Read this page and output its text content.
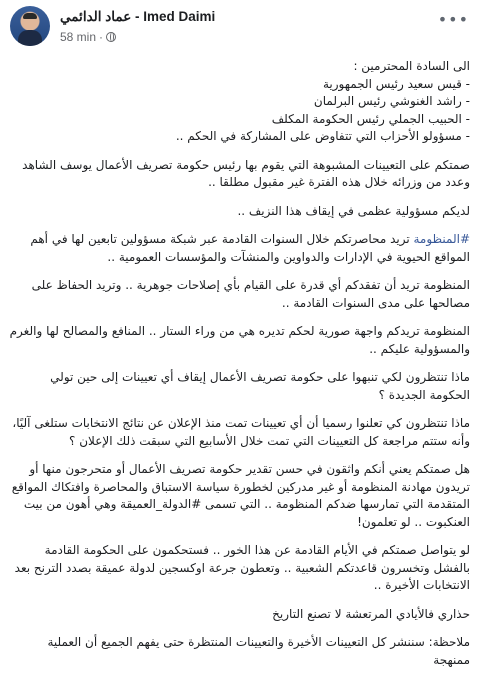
عماد الدائمي - Imed Daimi
58 min ·
•••
الى السادة المحترمين :
- قيس سعيد رئيس الجمهورية
- راشد الغنوشي رئيس البرلمان
- الحبيب الجملي رئيس الحكومة المكلف
- مسؤولو الأحزاب التي تتفاوض على المشاركة في الحكم ..
صمتكم على التعيينات المشبوهة التي يقوم بها رئيس حكومة تصريف الأعمال يوسف الشاهد وعدد من وزرائه خلال هذه الفترة غير مقبول مطلقا ..
لديكم مسؤولية عظمى في إيقاف هذا النزيف ..
#المنظومة تريد محاصرتكم خلال السنوات القادمة عبر شبكة مسؤولين تابعين لها في أهم المواقع الحيوية في الإدارات والدواوين والمنشآت والمؤسسات العمومية ..
المنظومة تريد أن تفقدكم أي قدرة على القيام بأي إصلاحات جوهرية .. وتريد الحفاظ على مصالحها على مدى السنوات القادمة ..
المنظومة تريدكم واجهة صورية لحكم تديره هي من وراء الستار .. المنافع والمصالح لها والغرم والمسؤولية عليكم ..
ماذا تنتظرون لكي تنبهوا على حكومة تصريف الأعمال إيقاف أي تعيينات إلى حين تولي الحكومة الجديدة ؟
ماذا تنتظرون كي تعلنوا رسميا أن أي تعيينات تمت منذ الإعلان عن نتائج الانتخابات ستلغى آليًا، وأنه ستتم مراجعة كل التعيينات التي تمت خلال الأسابيع التي سبقت ذلك الإعلان ؟
هل صمتكم يعني أنكم واثقون في حسن تقدير حكومة تصريف الأعمال أو متحرجون منها أو تريدون مهادنة المنظومة أو غير مدركين لخطورة سياسة الاستباق والمحاصرة وافتكاك المواقع المتقدمة التي تمارسها ضدكم المنظومة .. التي تسمى #الدولة_العميقة وهي أهون من بيت العنكبوت .. لو تعلمون!
لو يتواصل صمتكم في الأيام القادمة عن هذا الخور .. فستحكمون على الحكومة القادمة بالفشل وتخسرون قاعدتكم الشعبية .. وتعطون جرعة اوكسجين لدولة عميقة بصدد الترنح بعد الانتخابات الأخيرة ..
حذاري فالأيادي المرتعشة لا تصنع التاريخ
ملاحظة: سننشر كل التعيينات الأخيرة والتعيينات المنتظرة حتى يفهم الجميع أن العملية ممنهجة
